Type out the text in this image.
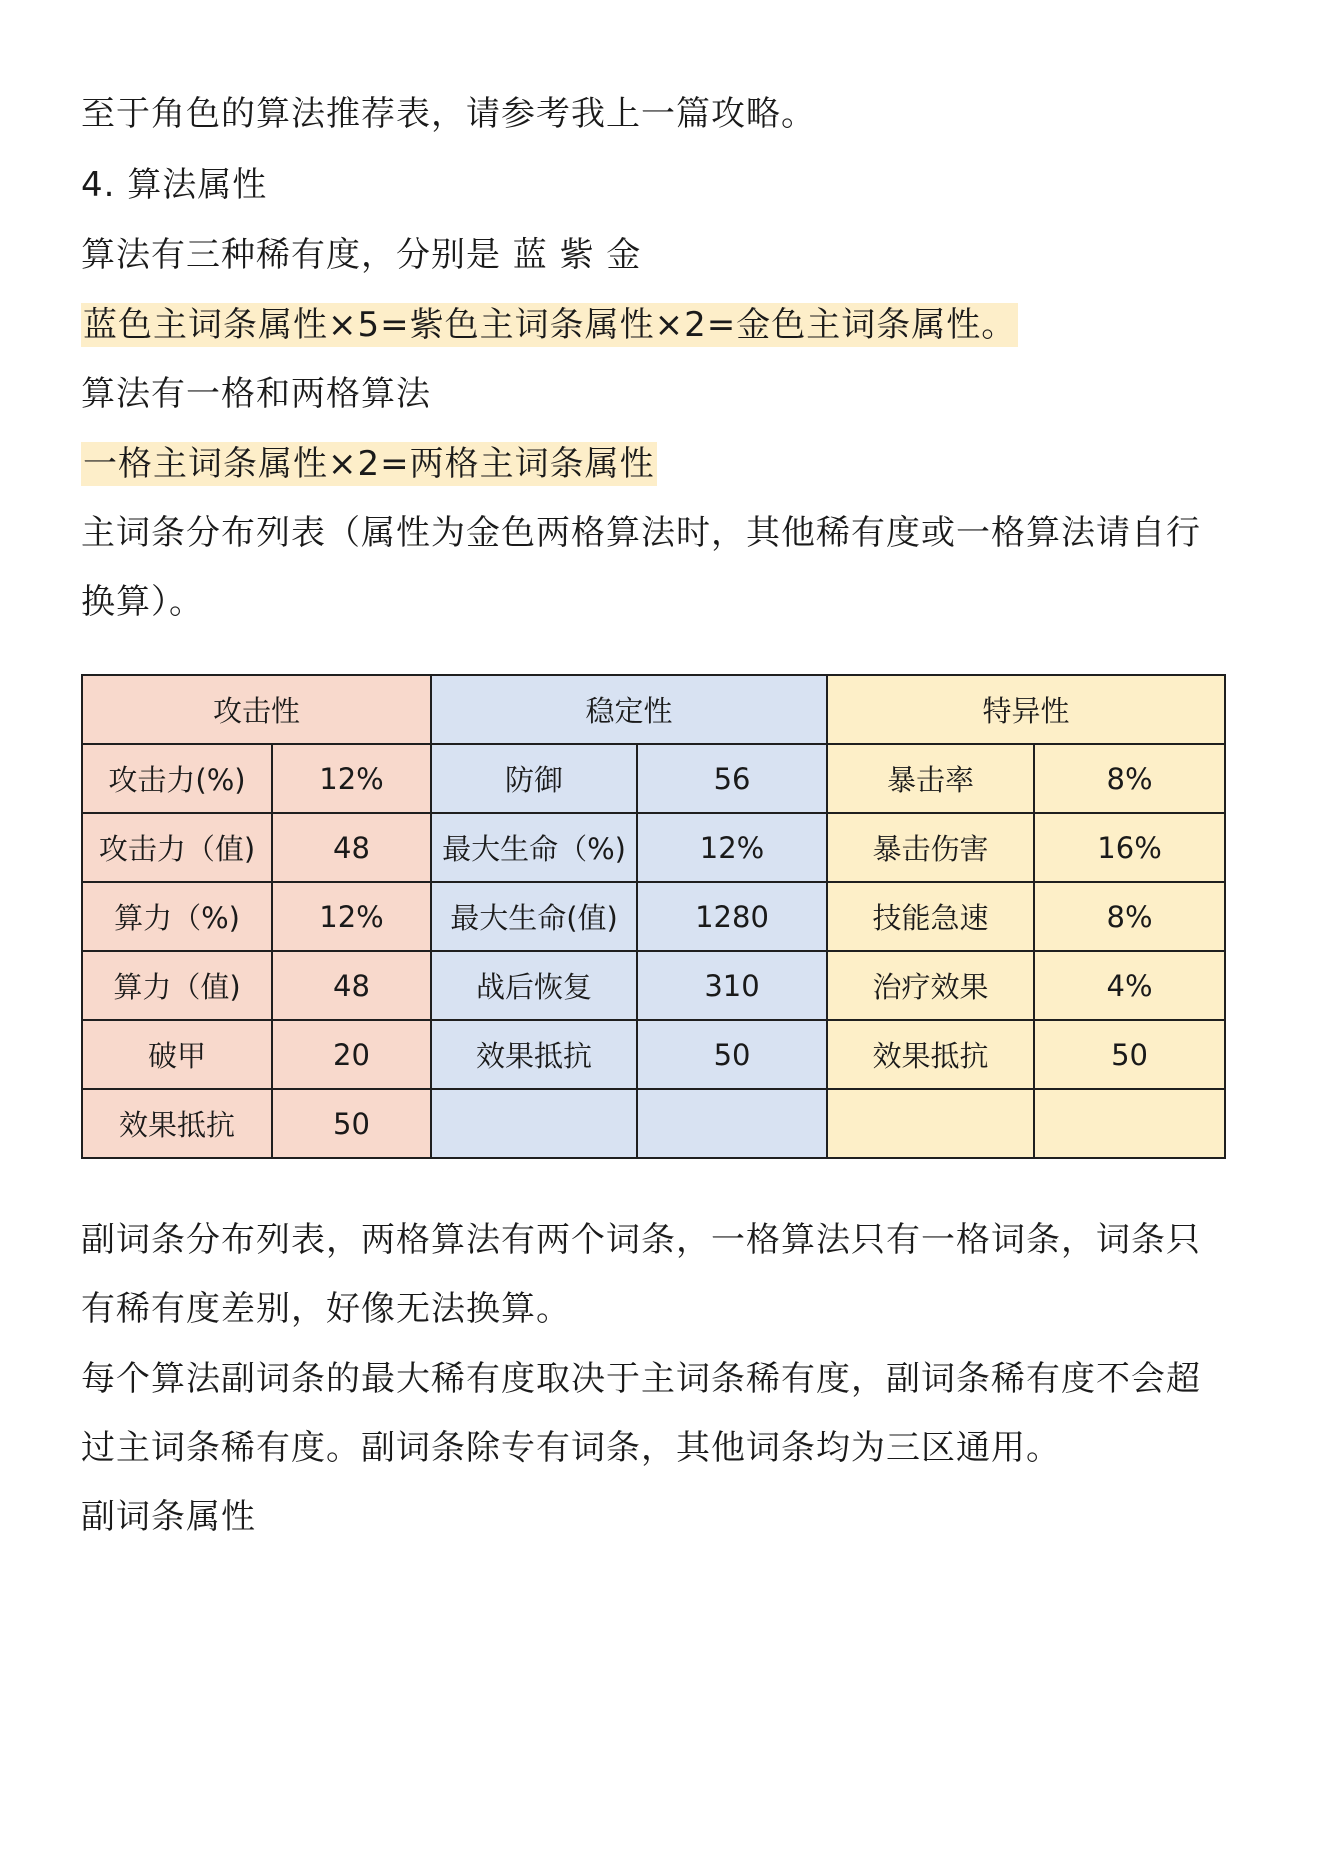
至于角色的算法推荐表，请参考我上一篇攻略。
4. 算法属性
算法有三种稀有度，分别是 蓝 紫 金
蓝色主词条属性×5=紫色主词条属性×2=金色主词条属性。
算法有一格和两格算法
一格主词条属性×2=两格主词条属性
主词条分布列表（属性为金色两格算法时，其他稀有度或一格算法请自行
换算）。
攻击性		稳定性		特异性	
攻击力(%)	12%	防御	56	暴击率	8%
攻击力（值)	48	最大生命（%)	12%	暴击伤害	16%
算力（%)	12%	最大生命(值)	1280	技能急速	8%
算力（值)	48	战后恢复	310	治疗效果	4%
破甲	20	效果抵抗	50	效果抵抗	50
效果抵抗	50				
副词条分布列表，两格算法有两个词条，一格算法只有一格词条，词条只
有稀有度差别，好像无法换算。
每个算法副词条的最大稀有度取决于主词条稀有度，副词条稀有度不会超
过主词条稀有度。副词条除专有词条，其他词条均为三区通用。
副词条属性
